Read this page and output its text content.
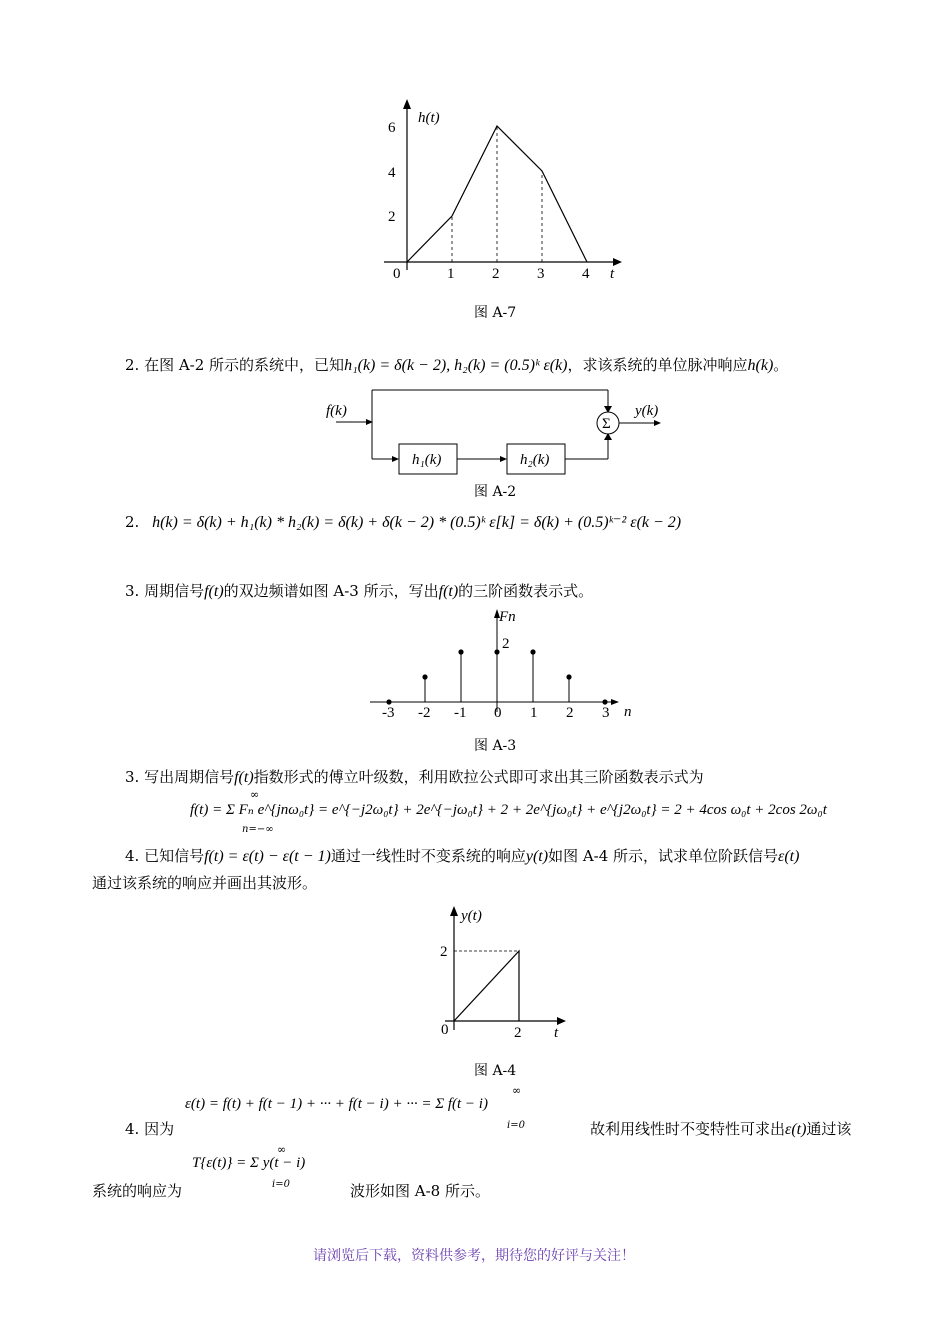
h(t)
6
4
2
0	1	2	3	4 t
图 A-7
2. 在图 A-2 所示的系统中，已知h₁(k) = δ(k − 2), h₂(k) = (0.5)ᵏ ε(k)，求该系统的单位脉冲响应h(k)。
f(k)
h₁(k)	h₂(k)
Σ
y(k)
图 A-2
2. h(k) = δ(k) + h₁(k) * h₂(k) = δ(k) + δ(k − 2) * (0.5)ᵏ ε[k] = δ(k) + (0.5)ᵏ⁻² ε(k − 2)
3. 周期信号f(t)的双边频谱如图 A-3 所示，写出f(t)的三阶函数表示式。
Fn
2
n
-3 -2 -1 0 1 2 3
图 A-3
3. 写出周期信号f(t)指数形式的傅立叶级数，利用欧拉公式即可求出其三阶函数表示式为
∞
f(t) = Σ Fₙ e^{jnω₀t} = e^{−j2ω₀t} + 2e^{−jω₀t} + 2 + 2e^{jω₀t} + e^{j2ω₀t} = 2 + 4cos ω₀t + 2cos 2ω₀t
n=−∞
4. 已知信号f(t) = ε(t) − ε(t − 1)通过一线性时不变系统的响应y(t)如图 A-4 所示，试求单位阶跃信号ε(t)
通过该系统的响应并画出其波形。
y(t)
2
0	2 t
图 A-4
∞
ε(t) = f(t) + f(t − 1) + ··· + f(t − i) + ··· = Σ f(t − i)
i=0
4. 因为	故利用线性时不变特性可求出ε(t)通过该
∞
T{ε(t)} = Σ y(t − i)
i=0
系统的响应为	波形如图 A-8 所示。
请浏览后下载，资料供参考，期待您的好评与关注！
